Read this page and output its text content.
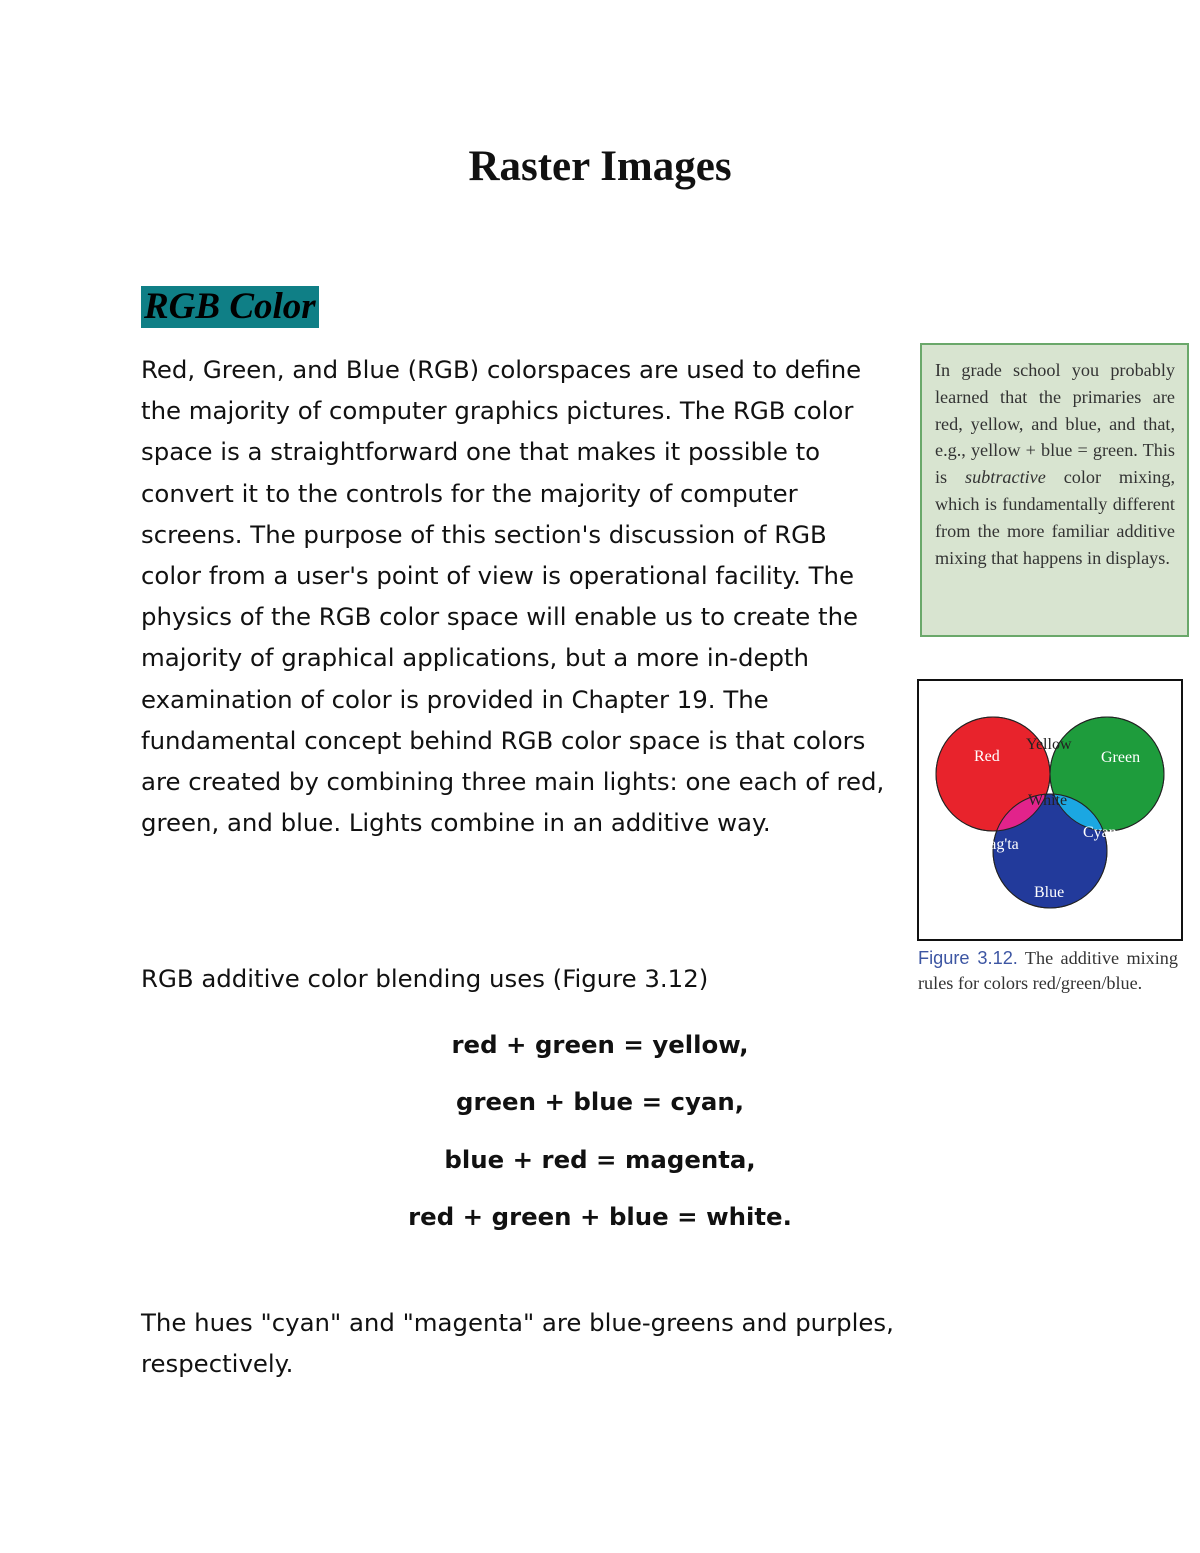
Raster Images
RGB Color

Red, Green, and Blue (RGB) colorspaces are used to define the majority of computer graphics pictures. The RGB color space is a straightforward one that makes it possible to convert it to the controls for the majority of computer screens. The purpose of this section's discussion of RGB color from a user's point of view is operational facility. The physics of the RGB color space will enable us to create the majority of graphical applications, but a more in-depth examination of color is provided in Chapter 19. The fundamental concept behind RGB color space is that colors are created by combining three main lights: one each of red, green, and blue. Lights combine in an additive way.

RGB additive color blending uses (Figure 3.12)

red + green = yellow,
green + blue = cyan,
blue + red = magenta,
red + green + blue = white.

The hues "cyan" and "magenta" are blue-greens and purples, respectively.

In grade school you probably learned that the primaries are red, yellow, and blue, and that, e.g., yellow + blue = green. This is subtractive color mixing, which is fundamentally different from the more familiar additive mixing that happens in displays.
Red	Green
Blue
Mag'ta
Cyan
Yellow
White

Figure 3.12. The additive mixing rules for colors red/green/blue.
